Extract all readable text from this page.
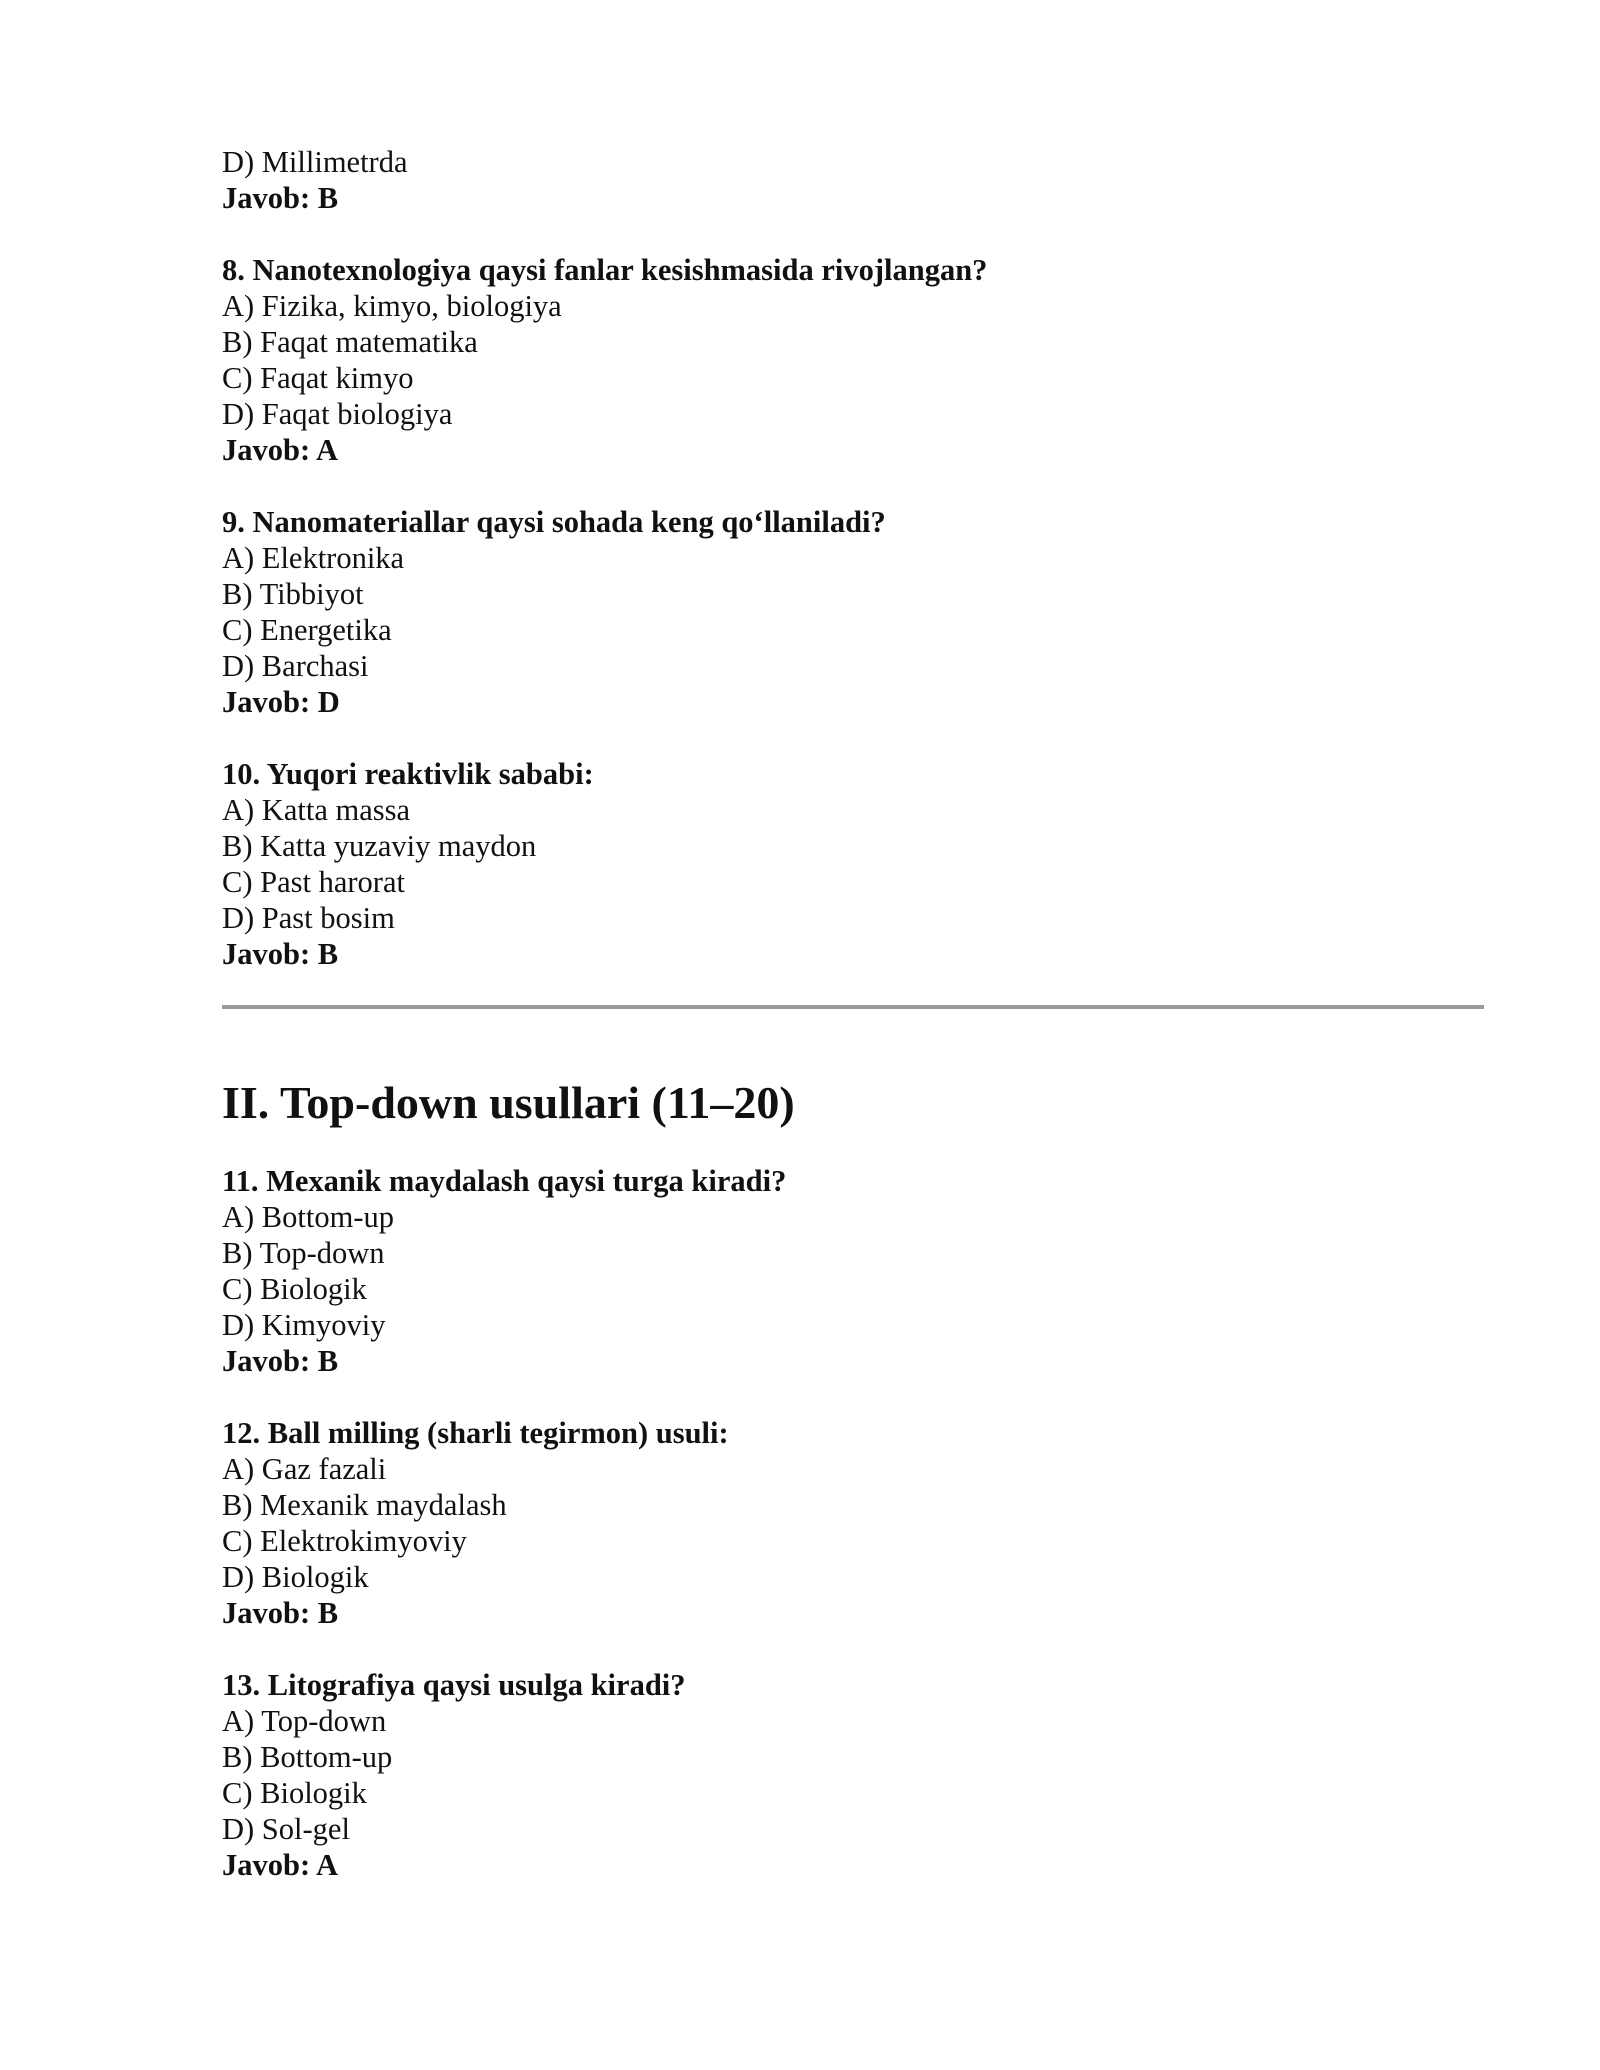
D) Millimetrda
Javob: B
8. Nanotexnologiya qaysi fanlar kesishmasida rivojlangan?
A) Fizika, kimyo, biologiya
B) Faqat matematika
C) Faqat kimyo
D) Faqat biologiya
Javob: A
9. Nanomateriallar qaysi sohada keng qo‘llaniladi?
A) Elektronika
B) Tibbiyot
C) Energetika
D) Barchasi
Javob: D
10. Yuqori reaktivlik sababi:
A) Katta massa
B) Katta yuzaviy maydon
C) Past harorat
D) Past bosim
Javob: B
II. Top-down usullari (11–20)
11. Mexanik maydalash qaysi turga kiradi?
A) Bottom-up
B) Top-down
C) Biologik
D) Kimyoviy
Javob: B
12. Ball milling (sharli tegirmon) usuli:
A) Gaz fazali
B) Mexanik maydalash
C) Elektrokimyoviy
D) Biologik
Javob: B
13. Litografiya qaysi usulga kiradi?
A) Top-down
B) Bottom-up
C) Biologik
D) Sol-gel
Javob: A
